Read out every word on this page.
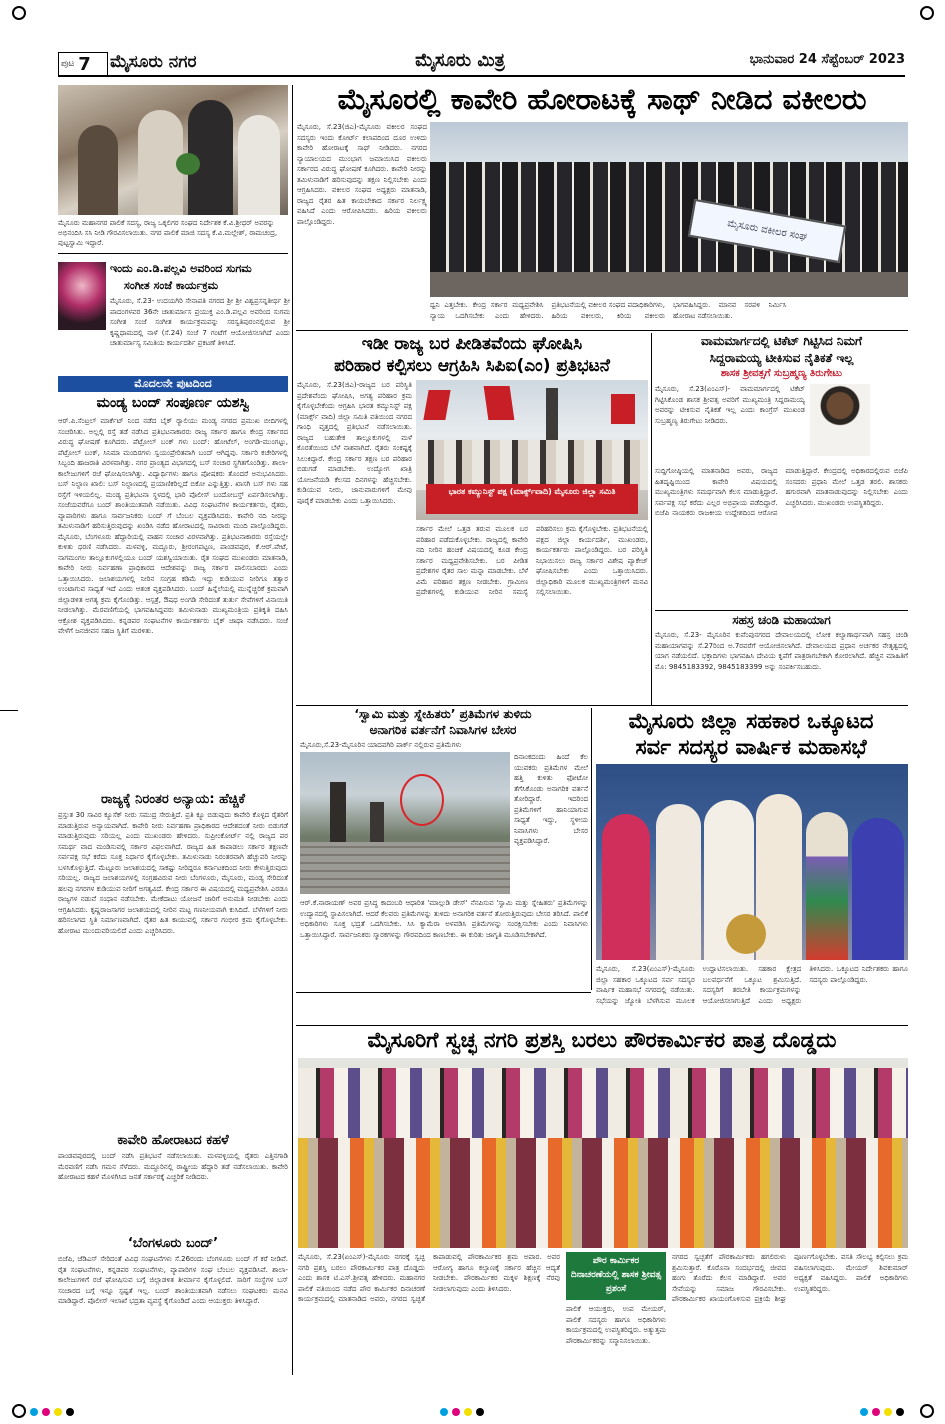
ಪುಟ 7 ಮೈಸೂರು ನಗರ	ಮೈಸೂರು ಮಿತ್ರ	ಭಾನುವಾರ 24 ಸೆಪ್ಟೆಂಬರ್ 2023
ಮೈಸೂರು ಮಹಾನಗರ ಪಾಲಿಕೆ ಸದಸ್ಯ, ರಾಜ್ಯ ಒಕ್ಕಲಿಗರ ಸಂಘದ ನಿರ್ದೇಶಕ ಕೆ.ವಿ.ಶ್ರೀಧರ್ ಅವರನ್ನು ಅಭಿನಂದಿಸಿ ಸಸಿ ನೀಡಿ ಗೌರವಿಸಲಾಯಿತು. ನಗರ ಪಾಲಿಕೆ ಮಾಜಿ ಸದಸ್ಯ ಕೆ.ವಿ.ಮಲ್ಲೇಶ್, ರಾಮಚಂದ್ರ, ಪುಟ್ಟಸ್ವಾಮಿ ಇದ್ದಾರೆ.
ಇಂದು ಎಂ.ಡಿ.ಪಲ್ಲವಿ ಅವರಿಂದ ಸುಗಮ
ಸಂಗೀತ ಸಂಜೆ ಕಾರ್ಯಕ್ರಮ
ಮೈಸೂರು, ಸೆ.23- ಉದಯಗಿರಿ ಸೇನಾಪತಿ ನಗರದ ಶ್ರೀ ಶ್ರೀ ವಿಶ್ವಪ್ರಸನ್ನತೀರ್ಥ ಶ್ರೀ ಪಾದಂಗಳವರ 36ನೇ ಚಾತುರ್ಮಾಸ ಪ್ರಯುಕ್ತ ಎಂ.ಡಿ.ಪಲ್ಲವಿ ಅವರಿಂದ ಸುಗಮ ಸಂಗೀತ ಸಂಜೆ ಸಂಗೀತ ಕಾರ್ಯಕ್ರಮವನ್ನು ಸರಸ್ವತಿಪುರಂನಲ್ಲಿರುವ ಶ್ರೀ ಕೃಷ್ಣಧಾಮದಲ್ಲಿ ನಾಳೆ (ಸೆ.24) ಸಂಜೆ 7 ಗಂಟೆಗೆ ಆಯೋಜಿಸಲಾಗಿದೆ ಎಂದು ಚಾತುರ್ಮಾಸ್ಯ ಸಮಿತಿಯ ಕಾರ್ಯದರ್ಶಿ ಪ್ರಕಟಣೆ ತಿಳಿಸಿದೆ.
ಮೊದಲನೇ ಪುಟದಿಂದ
ಮಂಡ್ಯ ಬಂದ್ ಸಂಪೂರ್ಣ ಯಶಸ್ವಿ
ಆರ್.ಪಿ.ಸೆಂಟ್ರಲ್ ಮಾರ್ಕೆಟ್ ನಿಂದ ನಡೆದ ಬೈಕ್ ರ‍್ಯಾಲಿಯು ಮಂಡ್ಯ ನಗರದ ಪ್ರಮುಖ ಬೀದಿಗಳಲ್ಲಿ ಸಂಚರಿಸಿತು. ಅಲ್ಲಲ್ಲಿ ರಸ್ತೆ ತಡೆ ನಡೆಸಿದ ಪ್ರತಿಭಟನಾಕಾರರು ರಾಜ್ಯ ಸರ್ಕಾರ ಹಾಗೂ ಕೇಂದ್ರ ಸರ್ಕಾರದ ವಿರುದ್ಧ ಘೋಷಣೆ ಕೂಗಿದರು. ಪೆಟ್ರೋಲ್ ಬಂಕ್ ಗಳು ಬಂದ್: ಹೋಟೆಲ್, ಅಂಗಡಿ-ಮುಂಗಟ್ಟು, ಪೆಟ್ರೋಲ್ ಬಂಕ್, ಸಿನಿಮಾ ಮಂದಿರಗಳು ಸ್ವಯಂಪ್ರೇರಿತವಾಗಿ ಬಂದ್ ಆಗಿದ್ದವು. ಸರ್ಕಾರಿ ಕಚೇರಿಗಳಲ್ಲಿ ಸಿಬ್ಬಂದಿ ಹಾಜರಾತಿ ವಿರಳವಾಗಿತ್ತು. ನಗರ ಪ್ರಾಂತ್ಯದ ವಿಭಾಗದಲ್ಲಿ ಬಸ್ ಸಂಚಾರ ಸ್ಥಗಿತಗೊಂಡಿತ್ತು. ಶಾಲಾ-ಕಾಲೇಜುಗಳಿಗೆ ರಜೆ ಘೋಷಿಸಲಾಗಿತ್ತು. ವಿದ್ಯಾರ್ಥಿಗಳು ಹಾಗೂ ಪೋಷಕರು ತೊಂದರೆ ಅನುಭವಿಸಿದರು. ಬಸ್ ನಿಲ್ದಾಣ ಖಾಲಿ: ಬಸ್ ನಿಲ್ದಾಣದಲ್ಲಿ ಪ್ರಯಾಣಿಕರಿಲ್ಲದೆ ಬಿಕೋ ಎನ್ನುತ್ತಿತ್ತು. ಖಾಸಗಿ ಬಸ್ ಗಳು ಸಹ ರಸ್ತೆಗೆ ಇಳಿಯಲಿಲ್ಲ. ಮಂಡ್ಯ ಪ್ರತಿಭಟನಾ ಸ್ಥಳದಲ್ಲಿ ಭಾರಿ ಪೊಲೀಸ್ ಬಂದೋಬಸ್ತ್ ಏರ್ಪಡಿಸಲಾಗಿತ್ತು. ಸಂಜೆಯವರೆಗೂ ಬಂದ್ ಶಾಂತಿಯುತವಾಗಿ ನಡೆಯಿತು. ವಿವಿಧ ಸಂಘಟನೆಗಳ ಕಾರ್ಯಕರ್ತರು, ರೈತರು, ವ್ಯಾಪಾರಿಗಳು ಹಾಗೂ ಸಾರ್ವಜನಿಕರು ಬಂದ್ ಗೆ ಬೆಂಬಲ ವ್ಯಕ್ತಪಡಿಸಿದರು. ಕಾವೇರಿ ನದಿ ನೀರನ್ನು ತಮಿಳುನಾಡಿಗೆ ಹರಿಸುತ್ತಿರುವುದನ್ನು ಖಂಡಿಸಿ ನಡೆದ ಹೋರಾಟದಲ್ಲಿ ಸಾವಿರಾರು ಮಂದಿ ಪಾಲ್ಗೊಂಡಿದ್ದರು. ಮೈಸೂರು, ಬೆಂಗಳೂರು ಹೆದ್ದಾರಿಯಲ್ಲಿ ವಾಹನ ಸಂಚಾರ ವಿರಳವಾಗಿತ್ತು. ಪ್ರತಿಭಟನಾಕಾರರು ರಸ್ತೆಯಲ್ಲೇ ಕುಳಿತು ಧರಣಿ ನಡೆಸಿದರು. ಮಳವಳ್ಳಿ, ಮದ್ದೂರು, ಶ್ರೀರಂಗಪಟ್ಟಣ, ಪಾಂಡವಪುರ, ಕೆ.ಆರ್.ಪೇಟೆ, ನಾಗಮಂಗಲ ತಾಲ್ಲೂಕುಗಳಲ್ಲಿಯೂ ಬಂದ್ ಯಶಸ್ವಿಯಾಯಿತು. ರೈತ ಸಂಘದ ಮುಖಂಡರು ಮಾತನಾಡಿ, ಕಾವೇರಿ ನೀರು ನಿರ್ವಹಣಾ ಪ್ರಾಧಿಕಾರದ ಆದೇಶವನ್ನು ರಾಜ್ಯ ಸರ್ಕಾರ ಪಾಲಿಸಬಾರದು ಎಂದು ಒತ್ತಾಯಿಸಿದರು. ಜಲಾಶಯಗಳಲ್ಲಿ ನೀರಿನ ಸಂಗ್ರಹ ಕಡಿಮೆ ಇದ್ದು ಕುಡಿಯುವ ನೀರಿಗೂ ತತ್ವಾರ ಉಂಟಾಗುವ ಸಾಧ್ಯತೆ ಇದೆ ಎಂದು ಆತಂಕ ವ್ಯಕ್ತಪಡಿಸಿದರು. ಬಂದ್ ಹಿನ್ನೆಲೆಯಲ್ಲಿ ಮುನ್ನೆಚ್ಚರಿಕೆ ಕ್ರಮವಾಗಿ ಜಿಲ್ಲಾಡಳಿತ ಅಗತ್ಯ ಕ್ರಮ ಕೈಗೊಂಡಿತ್ತು. ಆಸ್ಪತ್ರೆ, ಔಷಧ ಅಂಗಡಿ ಸೇರಿದಂತೆ ತುರ್ತು ಸೇವೆಗಳಿಗೆ ವಿನಾಯಿತಿ ನೀಡಲಾಗಿತ್ತು. ಮೆರವಣಿಗೆಯಲ್ಲಿ ಭಾಗವಹಿಸಿದ್ದವರು ತಮಿಳುನಾಡು ಮುಖ್ಯಮಂತ್ರಿಯ ಪ್ರತಿಕೃತಿ ದಹಿಸಿ ಆಕ್ರೋಶ ವ್ಯಕ್ತಪಡಿಸಿದರು. ಕನ್ನಡಪರ ಸಂಘಟನೆಗಳ ಕಾರ್ಯಕರ್ತರು ಬೈಕ್ ಜಾಥಾ ನಡೆಸಿದರು. ಸಂಜೆ ವೇಳೆಗೆ ಜನಜೀವನ ಸಹಜ ಸ್ಥಿತಿಗೆ ಮರಳಿತು.
ರಾಜ್ಯಕ್ಕೆ ನಿರಂತರ ಅನ್ಯಾಯ: ಹೆಚ್ಚಿಕೆ
ಪ್ರಸ್ತುತ 30 ಸಾವಿರ ಕ್ಯೂಸೆಕ್ ನೀರು ಸಮುದ್ರ ಸೇರುತ್ತಿದೆ. ಪ್ರತಿ ಕ್ಯೂ ಬಿಡುವುದು ಕಾವೇರಿ ಕೊಳ್ಳದ ರೈತರಿಗೆ ಮಾಡುತ್ತಿರುವ ಅನ್ಯಾಯವಾಗಿದೆ. ಕಾವೇರಿ ನೀರು ನಿರ್ವಹಣಾ ಪ್ರಾಧಿಕಾರದ ಆದೇಶದಂತೆ ನೀರು ಬಿಡುಗಡೆ ಮಾಡುತ್ತಿರುವುದು ಸರಿಯಲ್ಲ ಎಂದು ಮುಖಂಡರು ಹೇಳಿದರು. ಸುಪ್ರೀಂಕೋರ್ಟ್ ನಲ್ಲಿ ರಾಜ್ಯದ ಪರ ಸಮರ್ಥ ವಾದ ಮಂಡಿಸುವಲ್ಲಿ ಸರ್ಕಾರ ವಿಫಲವಾಗಿದೆ. ರಾಜ್ಯದ ಹಿತ ಕಾಪಾಡಲು ಸರ್ಕಾರ ತಕ್ಷಣವೇ ಸರ್ವಪಕ್ಷ ಸಭೆ ಕರೆದು ಸೂಕ್ತ ನಿರ್ಧಾರ ಕೈಗೊಳ್ಳಬೇಕು. ತಮಿಳುನಾಡು ನಿರಂತರವಾಗಿ ಹೆಚ್ಚುವರಿ ನೀರನ್ನು ಬಳಸಿಕೊಳ್ಳುತ್ತಿದೆ. ಮೆಟ್ಟೂರು ಜಲಾಶಯದಲ್ಲಿ ಸಾಕಷ್ಟು ನೀರಿದ್ದರೂ ಕರ್ನಾಟಕದಿಂದ ನೀರು ಕೇಳುತ್ತಿರುವುದು ಸರಿಯಲ್ಲ. ರಾಜ್ಯದ ಜಲಾಶಯಗಳಲ್ಲಿ ಸಂಗ್ರಹವಿರುವ ನೀರು ಬೆಂಗಳೂರು, ಮೈಸೂರು, ಮಂಡ್ಯ ಸೇರಿದಂತೆ ಹಲವು ನಗರಗಳ ಕುಡಿಯುವ ನೀರಿಗೆ ಅಗತ್ಯವಿದೆ. ಕೇಂದ್ರ ಸರ್ಕಾರ ಈ ವಿಷಯದಲ್ಲಿ ಮಧ್ಯಪ್ರವೇಶಿಸಿ ಎರಡೂ ರಾಜ್ಯಗಳ ನಡುವೆ ಸಂಧಾನ ನಡೆಸಬೇಕು. ಮೇಕೆದಾಟು ಯೋಜನೆ ಜಾರಿಗೆ ಅನುಮತಿ ನೀಡಬೇಕು ಎಂದು ಆಗ್ರಹಿಸಿದರು. ಕೃಷ್ಣರಾಜಸಾಗರ ಜಲಾಶಯದಲ್ಲಿ ನೀರಿನ ಮಟ್ಟ ಗಣನೀಯವಾಗಿ ಕುಸಿದಿದೆ. ಬೆಳೆಗಳಿಗೆ ನೀರು ಹರಿಸಲಾಗದ ಸ್ಥಿತಿ ನಿರ್ಮಾಣವಾಗಿದೆ. ರೈತರ ಹಿತ ಕಾಯುವಲ್ಲಿ ಸರ್ಕಾರ ಗಂಭೀರ ಕ್ರಮ ಕೈಗೊಳ್ಳಬೇಕು. ಹೋರಾಟ ಮುಂದುವರಿಯಲಿದೆ ಎಂದು ಎಚ್ಚರಿಸಿದರು.
ಕಾವೇರಿ ಹೋರಾಟದ ಕಹಳೆ
ಪಾಂಡವಪುರದಲ್ಲಿ ಬಂದ್ ನಡೆಸಿ ಪ್ರತಿಭಟನೆ ನಡೆಸಲಾಯಿತು. ಮಳವಳ್ಳಿಯಲ್ಲಿ ರೈತರು ಎತ್ತಿನಗಾಡಿ ಮೆರವಣಿಗೆ ನಡೆಸಿ ಗಮನ ಸೆಳೆದರು. ಮದ್ದೂರಿನಲ್ಲಿ ರಾಷ್ಟ್ರೀಯ ಹೆದ್ದಾರಿ ತಡೆ ನಡೆಸಲಾಯಿತು. ಕಾವೇರಿ ಹೋರಾಟದ ಕಹಳೆ ಮೊಳಗಿಸಿದ ಜನತೆ ಸರ್ಕಾರಕ್ಕೆ ಎಚ್ಚರಿಕೆ ನೀಡಿದರು.
‘ಬೆಂಗಳೂರು ಬಂದ್’
ಬಿಜೆಪಿ, ಜೆಡಿಎಸ್ ಸೇರಿದಂತೆ ವಿವಿಧ ಸಂಘಟನೆಗಳು ಸೆ.26ರಂದು ಬೆಂಗಳೂರು ಬಂದ್ ಗೆ ಕರೆ ನೀಡಿವೆ. ರೈತ ಸಂಘಟನೆಗಳು, ಕನ್ನಡಪರ ಸಂಘಟನೆಗಳು, ವ್ಯಾಪಾರಿಗಳ ಸಂಘ ಬೆಂಬಲ ವ್ಯಕ್ತಪಡಿಸಿವೆ. ಶಾಲಾ-ಕಾಲೇಜುಗಳಿಗೆ ರಜೆ ಘೋಷಿಸುವ ಬಗ್ಗೆ ಜಿಲ್ಲಾಡಳಿತ ತೀರ್ಮಾನ ಕೈಗೊಳ್ಳಲಿದೆ. ಸಾರಿಗೆ ಸಂಸ್ಥೆಗಳ ಬಸ್ ಸಂಚಾರದ ಬಗ್ಗೆ ಇನ್ನೂ ಸ್ಪಷ್ಟತೆ ಇಲ್ಲ. ಬಂದ್ ಶಾಂತಿಯುತವಾಗಿ ನಡೆಸಲು ಸಂಘಟಕರು ಮನವಿ ಮಾಡಿದ್ದಾರೆ. ಪೊಲೀಸ್ ಇಲಾಖೆ ಭದ್ರತಾ ವ್ಯವಸ್ಥೆ ಕೈಗೊಂಡಿದೆ ಎಂದು ಆಯುಕ್ತರು ತಿಳಿಸಿದ್ದಾರೆ.
ಮೈಸೂರಲ್ಲಿ ಕಾವೇರಿ ಹೋರಾಟಕ್ಕೆ ಸಾಥ್ ನೀಡಿದ ವಕೀಲರು
ಮೈಸೂರು, ಸೆ.23(ಜಿಎ)-ಮೈಸೂರು ವಕೀಲರ ಸಂಘದ ಸದಸ್ಯರು ಇಂದು ಕೋರ್ಟ್ ಕಲಾಪದಿಂದ ದೂರ ಉಳಿದು ಕಾವೇರಿ ಹೋರಾಟಕ್ಕೆ ಸಾಥ್ ನೀಡಿದರು. ನಗರದ ನ್ಯಾಯಾಲಯದ ಮುಂಭಾಗ ಜಮಾಯಿಸಿದ ವಕೀಲರು ಸರ್ಕಾರದ ವಿರುದ್ಧ ಘೋಷಣೆ ಕೂಗಿದರು. ಕಾವೇರಿ ನೀರನ್ನು ತಮಿಳುನಾಡಿಗೆ ಹರಿಸುವುದನ್ನು ತಕ್ಷಣ ನಿಲ್ಲಿಸಬೇಕು ಎಂದು ಆಗ್ರಹಿಸಿದರು. ವಕೀಲರ ಸಂಘದ ಅಧ್ಯಕ್ಷರು ಮಾತನಾಡಿ, ರಾಜ್ಯದ ರೈತರ ಹಿತ ಕಾಯಬೇಕಾದ ಸರ್ಕಾರ ನಿರ್ಲಕ್ಷ್ಯ ವಹಿಸಿದೆ ಎಂದು ಆರೋಪಿಸಿದರು. ಹಿರಿಯ ವಕೀಲರು ಪಾಲ್ಗೊಂಡಿದ್ದರು.	ಮೈಸೂರು ವಕೀಲರ ಸಂಘ
ಧ್ವನಿ ಎತ್ತಬೇಕು. ಕೇಂದ್ರ ಸರ್ಕಾರ ಮಧ್ಯಪ್ರವೇಶಿಸಿ ನ್ಯಾಯ ಒದಗಿಸಬೇಕು ಎಂದು ಹೇಳಿದರು. ಪ್ರತಿಭಟನೆಯಲ್ಲಿ ವಕೀಲರ ಸಂಘದ ಪದಾಧಿಕಾರಿಗಳು, ಹಿರಿಯ ವಕೀಲರು, ಕಿರಿಯ ವಕೀಲರು ಭಾಗವಹಿಸಿದ್ದರು. ಮಾನವ ಸರಪಳಿ ನಿರ್ಮಿಸಿ ಹೋರಾಟ ನಡೆಸಲಾಯಿತು.
ಇಡೀ ರಾಜ್ಯ ಬರ ಪೀಡಿತವೆಂದು ಘೋಷಿಸಿ
ಪರಿಹಾರ ಕಲ್ಪಿಸಲು ಆಗ್ರಹಿಸಿ ಸಿಪಿಐ(ಎಂ) ಪ್ರತಿಭಟನೆ
ಮೈಸೂರು, ಸೆ.23(ಜಿಎ)-ರಾಜ್ಯದ ಬರ ಪರಿಸ್ಥಿತಿ ಪ್ರದೇಶವೆಂದು ಘೋಷಿಸಿ, ಅಗತ್ಯ ಪರಿಹಾರ ಕ್ರಮ ಕೈಗೊಳ್ಳಬೇಕೆಂದು ಆಗ್ರಹಿಸಿ ಭಾರತ ಕಮ್ಯುನಿಸ್ಟ್ ಪಕ್ಷ (ಮಾರ್ಕ್ಸ್ ವಾದಿ) ಜಿಲ್ಲಾ ಸಮಿತಿ ವತಿಯಿಂದ ನಗರದ ಗಾಂಧಿ ವೃತ್ತದಲ್ಲಿ ಪ್ರತಿಭಟನೆ ನಡೆಸಲಾಯಿತು. ರಾಜ್ಯದ ಬಹುತೇಕ ತಾಲ್ಲೂಕುಗಳಲ್ಲಿ ಮಳೆ ಕೊರತೆಯಿಂದ ಬೆಳೆ ನಾಶವಾಗಿದೆ. ರೈತರು ಸಂಕಷ್ಟಕ್ಕೆ ಸಿಲುಕಿದ್ದಾರೆ. ಕೇಂದ್ರ ಸರ್ಕಾರ ತಕ್ಷಣ ಬರ ಪರಿಹಾರ ಬಿಡುಗಡೆ ಮಾಡಬೇಕು. ಉದ್ಯೋಗ ಖಾತ್ರಿ ಯೋಜನೆಯಡಿ ಕೆಲಸದ ದಿನಗಳನ್ನು ಹೆಚ್ಚಿಸಬೇಕು. ಕುಡಿಯುವ ನೀರು, ಜಾನುವಾರುಗಳಿಗೆ ಮೇವು ಪೂರೈಕೆ ಮಾಡಬೇಕು ಎಂದು ಒತ್ತಾಯಿಸಿದರು.
ಭಾರತ ಕಮ್ಯುನಿಸ್ಟ್ ಪಕ್ಷ (ಮಾರ್ಕ್ಸ್‌ವಾದಿ) ಮೈಸೂರು ಜಿಲ್ಲಾ ಸಮಿತಿ
ಸರ್ಕಾರ ಮೇಲೆ ಒತ್ತಡ ತರುವ ಮೂಲಕ ಬರ ಪರಿಹಾರ ಪಡೆದುಕೊಳ್ಳಬೇಕು. ರಾಜ್ಯದಲ್ಲಿ ಕಾವೇರಿ ನದಿ ನೀರಿನ ಹಂಚಿಕೆ ವಿಷಯದಲ್ಲಿ ಕೂಡ ಕೇಂದ್ರ ಸರ್ಕಾರ ಮಧ್ಯಪ್ರವೇಶಿಸಬೇಕು. ಬರ ಪೀಡಿತ ಪ್ರದೇಶಗಳ ರೈತರ ಸಾಲ ಮನ್ನಾ ಮಾಡಬೇಕು. ಬೆಳೆ ವಿಮೆ ಪರಿಹಾರ ತಕ್ಷಣ ನೀಡಬೇಕು. ಗ್ರಾಮೀಣ ಪ್ರದೇಶಗಳಲ್ಲಿ ಕುಡಿಯುವ ನೀರಿನ ಸಮಸ್ಯೆ ಪರಿಹರಿಸಲು ಕ್ರಮ ಕೈಗೊಳ್ಳಬೇಕು. ಪ್ರತಿಭಟನೆಯಲ್ಲಿ ಪಕ್ಷದ ಜಿಲ್ಲಾ ಕಾರ್ಯದರ್ಶಿ, ಮುಖಂಡರು, ಕಾರ್ಯಕರ್ತರು ಪಾಲ್ಗೊಂಡಿದ್ದರು. ಬರ ಪರಿಸ್ಥಿತಿ ನಿಭಾಯಿಸಲು ರಾಜ್ಯ ಸರ್ಕಾರ ವಿಶೇಷ ಪ್ಯಾಕೇಜ್ ಘೋಷಿಸಬೇಕು ಎಂದು ಒತ್ತಾಯಿಸಿದರು. ಜಿಲ್ಲಾಧಿಕಾರಿ ಮೂಲಕ ಮುಖ್ಯಮಂತ್ರಿಗಳಿಗೆ ಮನವಿ ಸಲ್ಲಿಸಲಾಯಿತು.
ವಾಮಮಾರ್ಗದಲ್ಲಿ ಟಿಕೆಟ್ ಗಿಟ್ಟಿಸಿದ ನಿಮಗೆ
ಸಿದ್ದರಾಮಯ್ಯ ಟೀಕಿಸುವ ನೈತಿಕತೆ ಇಲ್ಲ
ಶಾಸಕ ಶ್ರೀವತ್ಸಗೆ ಸುಬ್ರಹ್ಮಣ್ಯ ತಿರುಗೇಟು
ಮೈಸೂರು, ಸೆ.23(ಏಂಎಸ್)- ವಾಮಮಾರ್ಗದಲ್ಲಿ ಟಿಕೆಟ್ ಗಿಟ್ಟಿಸಿಕೊಂಡ ಶಾಸಕ ಶ್ರೀವತ್ಸ ಅವರಿಗೆ ಮುಖ್ಯಮಂತ್ರಿ ಸಿದ್ದರಾಮಯ್ಯ ಅವರನ್ನು ಟೀಕಿಸುವ ನೈತಿಕತೆ ಇಲ್ಲ ಎಂದು ಕಾಂಗ್ರೆಸ್ ಮುಖಂಡ ಸುಬ್ರಹ್ಮಣ್ಯ ತಿರುಗೇಟು ನೀಡಿದರು.
ಸುದ್ದಿಗೋಷ್ಠಿಯಲ್ಲಿ ಮಾತನಾಡಿದ ಅವರು, ರಾಜ್ಯದ ಹಿತದೃಷ್ಟಿಯಿಂದ ಕಾವೇರಿ ವಿಷಯದಲ್ಲಿ ಮುಖ್ಯಮಂತ್ರಿಗಳು ಸಮರ್ಥವಾಗಿ ಕೆಲಸ ಮಾಡುತ್ತಿದ್ದಾರೆ. ಸರ್ವಪಕ್ಷ ಸಭೆ ಕರೆದು ಎಲ್ಲರ ಅಭಿಪ್ರಾಯ ಪಡೆದಿದ್ದಾರೆ. ಬಿಜೆಪಿ ನಾಯಕರು ರಾಜಕೀಯ ಉದ್ದೇಶದಿಂದ ಆರೋಪ ಮಾಡುತ್ತಿದ್ದಾರೆ. ಕೇಂದ್ರದಲ್ಲಿ ಅಧಿಕಾರದಲ್ಲಿರುವ ಬಿಜೆಪಿ ಸಂಸದರು ಪ್ರಧಾನಿ ಮೇಲೆ ಒತ್ತಡ ತರಲಿ. ಶಾಸಕರು ಹಗುರವಾಗಿ ಮಾತನಾಡುವುದನ್ನು ನಿಲ್ಲಿಸಬೇಕು ಎಂದು ಎಚ್ಚರಿಸಿದರು. ಮುಖಂಡರು ಉಪಸ್ಥಿತರಿದ್ದರು.
ಸಹಸ್ರ ಚಂಡಿ ಮಹಾಯಾಗ
ಮೈಸೂರು, ಸೆ.23- ಮೈಸೂರಿನ ಕುವೆಂಪುನಗರದ ದೇವಾಲಯದಲ್ಲಿ ಲೋಕ ಕಲ್ಯಾಣಾರ್ಥವಾಗಿ ಸಹಸ್ರ ಚಂಡಿ ಮಹಾಯಾಗವನ್ನು ಸೆ.27ರಿಂದ ಅ.7ರವರೆಗೆ ಆಯೋಜಿಸಲಾಗಿದೆ. ದೇವಾಲಯದ ಪ್ರಧಾನ ಅರ್ಚಕರ ನೇತೃತ್ವದಲ್ಲಿ ಯಾಗ ನಡೆಯಲಿದೆ. ಭಕ್ತಾದಿಗಳು ಭಾಗವಹಿಸಿ ದೇವಿಯ ಕೃಪೆಗೆ ಪಾತ್ರರಾಗಬೇಕಾಗಿ ಕೋರಲಾಗಿದೆ. ಹೆಚ್ಚಿನ ಮಾಹಿತಿಗೆ ಮೊ: 9845183392, 9845183399 ಅನ್ನು ಸಂಪರ್ಕಿಸಬಹುದು.
‘ಸ್ವಾಮಿ ಮತ್ತು ಸ್ನೇಹಿತರು’ ಪ್ರತಿಮೆಗಳ ತುಳಿದು
ಅನಾಗರಿಕ ವರ್ತನೆಗೆ ನಿವಾಸಿಗಳ ಬೇಸರ
ಮೈಸೂರು,ಸೆ.23-ಮೈಸೂರಿನ ಯಾದವಗಿರಿ ಪಾರ್ಕ್ ನಲ್ಲಿರುವ ಪ್ರತಿಮೆಗಳು
ದಿನಾಂಕದಂದು ಹಿಂದೆ ಕೆಲ ಯುವಕರು ಪ್ರತಿಮೆಗಳ ಮೇಲೆ ಹತ್ತಿ ಕುಳಿತು ಫೋಟೋ ತೆಗೆಸಿಕೊಂಡು ಅನಾಗರಿಕ ವರ್ತನೆ ತೋರಿದ್ದಾರೆ. ಇದರಿಂದ ಪ್ರತಿಮೆಗಳಿಗೆ ಹಾನಿಯಾಗುವ ಸಾಧ್ಯತೆ ಇದ್ದು, ಸ್ಥಳೀಯ ನಿವಾಸಿಗಳು ಬೇಸರ ವ್ಯಕ್ತಪಡಿಸಿದ್ದಾರೆ.
ಆರ್.ಕೆ.ನಾರಾಯಣ್ ಅವರ ಪ್ರಸಿದ್ಧ ಕಾದಂಬರಿ ಆಧಾರಿತ 'ಮಾಲ್ಗುಡಿ ಡೇಸ್' ನೆನಪಿಸುವ 'ಸ್ವಾಮಿ ಮತ್ತು ಸ್ನೇಹಿತರು' ಪ್ರತಿಮೆಗಳನ್ನು ಉದ್ಯಾನದಲ್ಲಿ ಸ್ಥಾಪಿಸಲಾಗಿದೆ. ಆದರೆ ಕೆಲವರು ಪ್ರತಿಮೆಗಳನ್ನು ತುಳಿದು ಅನಾಗರಿಕ ವರ್ತನೆ ತೋರುತ್ತಿರುವುದು ಬೇಸರ ತರಿಸಿದೆ. ಪಾಲಿಕೆ ಅಧಿಕಾರಿಗಳು ಸೂಕ್ತ ಭದ್ರತೆ ಒದಗಿಸಬೇಕು. ಸಿಸಿ ಕ್ಯಾಮೆರಾ ಅಳವಡಿಸಿ ಪ್ರತಿಮೆಗಳನ್ನು ಸಂರಕ್ಷಿಸಬೇಕು ಎಂದು ನಿವಾಸಿಗಳು ಒತ್ತಾಯಿಸಿದ್ದಾರೆ. ಸಾರ್ವಜನಿಕರು ಸ್ಮಾರಕಗಳನ್ನು ಗೌರವದಿಂದ ಕಾಣಬೇಕು. ಈ ಕುರಿತು ಜಾಗೃತಿ ಮೂಡಿಸಬೇಕಾಗಿದೆ.
ಮೈಸೂರು ಜಿಲ್ಲಾ ಸಹಕಾರ ಒಕ್ಕೂಟದ
ಸರ್ವ ಸದಸ್ಯರ ವಾರ್ಷಿಕ ಮಹಾಸಭೆ
ಮೈಸೂರು, ಸೆ.23(ಏಂಎಸ್)-ಮೈಸೂರು ಜಿಲ್ಲಾ ಸಹಕಾರ ಒಕ್ಕೂಟದ ಸರ್ವ ಸದಸ್ಯರ ವಾರ್ಷಿಕ ಮಹಾಸಭೆ ನಗರದಲ್ಲಿ ನಡೆಯಿತು. ಸಭೆಯನ್ನು ಜ್ಯೋತಿ ಬೆಳಗಿಸುವ ಮೂಲಕ ಉದ್ಘಾಟಿಸಲಾಯಿತು. ಸಹಕಾರ ಕ್ಷೇತ್ರದ ಬಲವರ್ಧನೆಗೆ ಒಕ್ಕೂಟ ಶ್ರಮಿಸುತ್ತಿದೆ. ಸದಸ್ಯರಿಗೆ ತರಬೇತಿ ಕಾರ್ಯಕ್ರಮಗಳನ್ನು ಆಯೋಜಿಸಲಾಗುತ್ತಿದೆ ಎಂದು ಅಧ್ಯಕ್ಷರು ತಿಳಿಸಿದರು. ಒಕ್ಕೂಟದ ನಿರ್ದೇಶಕರು ಹಾಗೂ ಸದಸ್ಯರು ಪಾಲ್ಗೊಂಡಿದ್ದರು.
ಮೈಸೂರಿಗೆ ಸ್ವಚ್ಛ ನಗರಿ ಪ್ರಶಸ್ತಿ ಬರಲು ಪೌರಕಾರ್ಮಿಕರ ಪಾತ್ರ ದೊಡ್ಡದು
ಮೈಸೂರು, ಸೆ.23(ಏಂಎಸ್)-ಮೈಸೂರು ನಗರಕ್ಕೆ ಸ್ವಚ್ಛ ನಗರಿ ಪ್ರಶಸ್ತಿ ಬರಲು ಪೌರಕಾರ್ಮಿಕರ ಪಾತ್ರ ದೊಡ್ಡದು ಎಂದು ಶಾಸಕ ಟಿ.ಎಸ್.ಶ್ರೀವತ್ಸ ಹೇಳಿದರು. ಮಹಾನಗರ ಪಾಲಿಕೆ ವತಿಯಿಂದ ನಡೆದ ಪೌರ ಕಾರ್ಮಿಕರ ದಿನಾಚರಣೆ ಕಾರ್ಯಕ್ರಮದಲ್ಲಿ ಮಾತನಾಡಿದ ಅವರು, ನಗರದ ಸ್ವಚ್ಛತೆ ಕಾಪಾಡುವಲ್ಲಿ ಪೌರಕಾರ್ಮಿಕರ ಶ್ರಮ ಅಪಾರ. ಅವರ ಆರೋಗ್ಯ ಹಾಗೂ ಕಲ್ಯಾಣಕ್ಕೆ ಸರ್ಕಾರ ಹೆಚ್ಚಿನ ಆದ್ಯತೆ ನೀಡಬೇಕು. ಪೌರಕಾರ್ಮಿಕರ ಮಕ್ಕಳ ಶಿಕ್ಷಣಕ್ಕೆ ನೆರವು ನೀಡಲಾಗುವುದು ಎಂದು ತಿಳಿಸಿದರು.
ಪೌರ ಕಾರ್ಮಿಕರ ದಿನಾಚರಣೆಯಲ್ಲಿ ಶಾಸಕ ಶ್ರೀವತ್ಸ ಪ್ರಶಂಸೆ
ಪಾಲಿಕೆ ಆಯುಕ್ತರು, ಉಪ ಮೇಯರ್, ಪಾಲಿಕೆ ಸದಸ್ಯರು ಹಾಗೂ ಅಧಿಕಾರಿಗಳು ಕಾರ್ಯಕ್ರಮದಲ್ಲಿ ಉಪಸ್ಥಿತರಿದ್ದರು. ಅತ್ಯುತ್ತಮ ಪೌರಕಾರ್ಮಿಕರನ್ನು ಸನ್ಮಾನಿಸಲಾಯಿತು.
ನಗರದ ಸ್ವಚ್ಛತೆಗೆ ಪೌರಕಾರ್ಮಿಕರು ಹಗಲಿರುಳು ಶ್ರಮಿಸುತ್ತಾರೆ. ಕೊರೊನಾ ಸಂದರ್ಭದಲ್ಲಿ ಜೀವದ ಹಂಗು ತೊರೆದು ಕೆಲಸ ಮಾಡಿದ್ದಾರೆ. ಅವರ ಸೇವೆಯನ್ನು ಸಮಾಜ ಗೌರವಿಸಬೇಕು. ಪೌರಕಾರ್ಮಿಕರ ಖಾಯಂಗೊಳಿಸುವ ಪ್ರಕ್ರಿಯೆ ಶೀಘ್ರ ಪೂರ್ಣಗೊಳ್ಳಬೇಕು. ವಸತಿ ಸೌಲಭ್ಯ ಕಲ್ಪಿಸಲು ಕ್ರಮ ವಹಿಸಲಾಗುವುದು. ಮೇಯರ್ ಶಿವಕುಮಾರ್ ಅಧ್ಯಕ್ಷತೆ ವಹಿಸಿದ್ದರು. ಪಾಲಿಕೆ ಅಧಿಕಾರಿಗಳು ಉಪಸ್ಥಿತರಿದ್ದರು.
